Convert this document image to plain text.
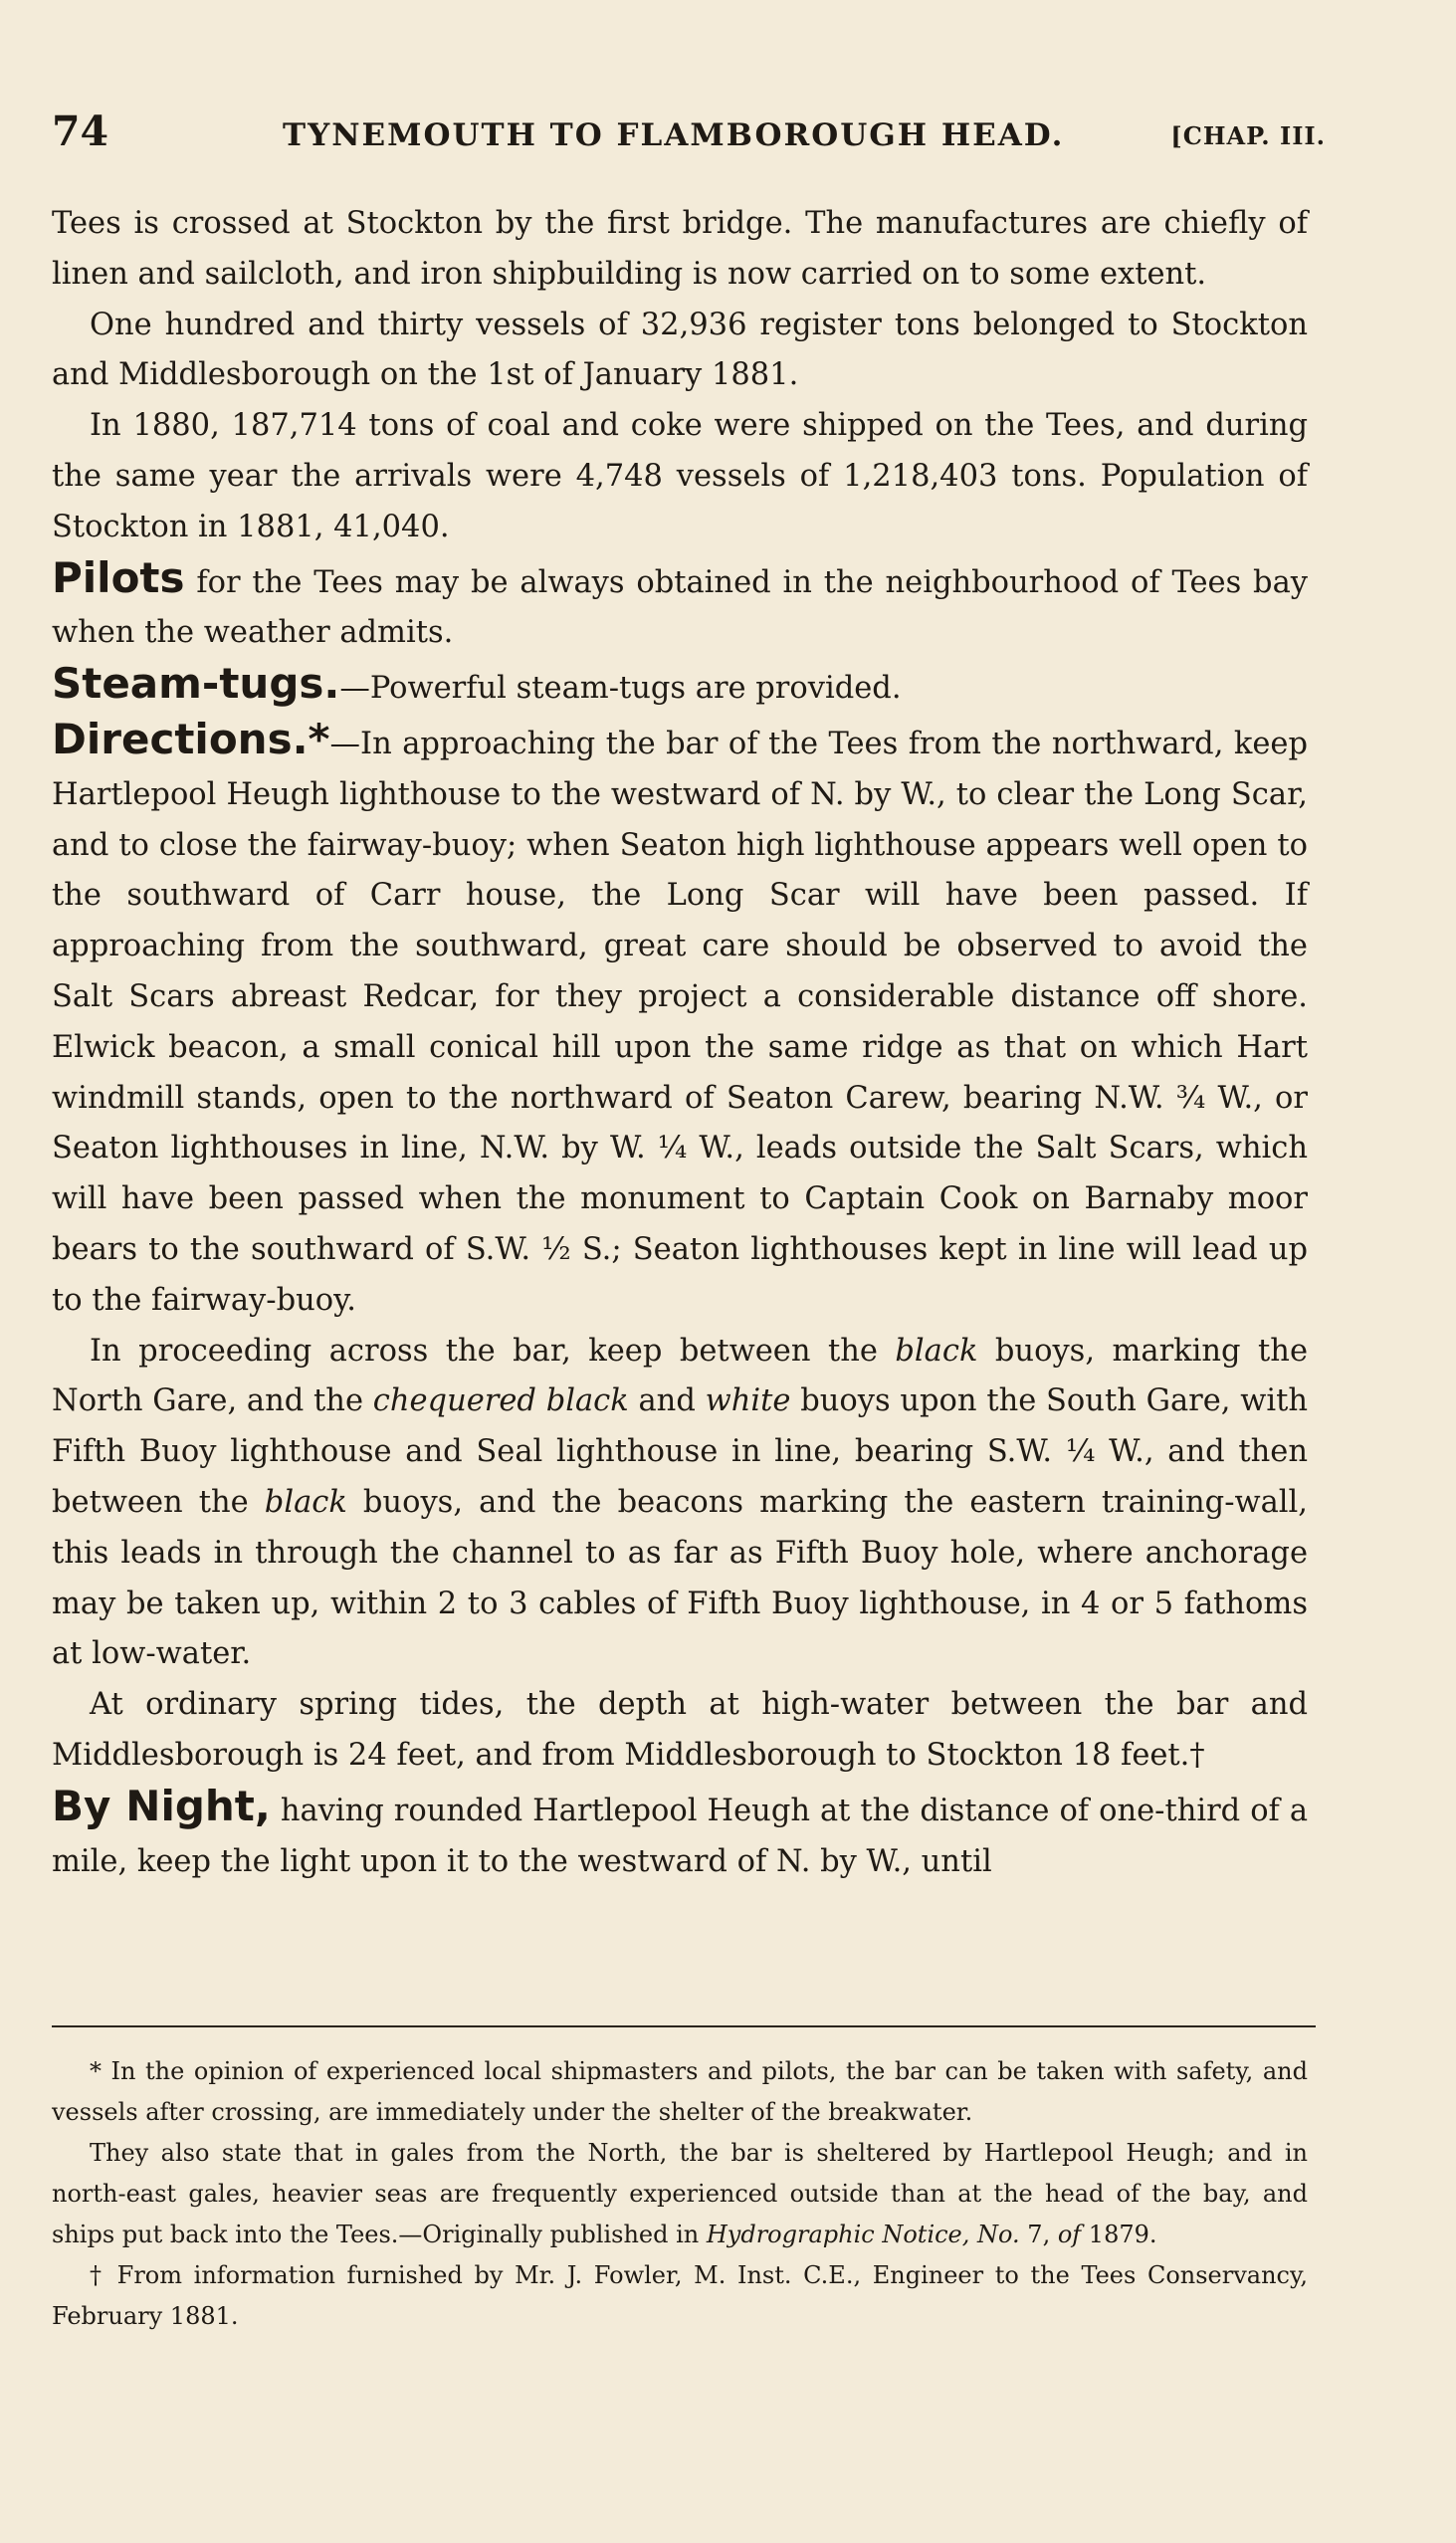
74	TYNEMOUTH TO FLAMBOROUGH HEAD.	[CHAP. III.

Tees is crossed at Stockton by the first bridge. The manufactures are chiefly of linen and sailcloth, and iron shipbuilding is now carried on to some extent.

One hundred and thirty vessels of 32,936 register tons belonged to Stockton and Middlesborough on the 1st of January 1881.

In 1880, 187,714 tons of coal and coke were shipped on the Tees, and during the same year the arrivals were 4,748 vessels of 1,218,403 tons. Population of Stockton in 1881, 41,040.

Pilots for the Tees may be always obtained in the neighbourhood of Tees bay when the weather admits.

Steam-tugs.—Powerful steam-tugs are provided.

Directions.*—In approaching the bar of the Tees from the northward, keep Hartlepool Heugh lighthouse to the westward of N. by W., to clear the Long Scar, and to close the fairway-buoy; when Seaton high lighthouse appears well open to the southward of Carr house, the Long Scar will have been passed. If approaching from the southward, great care should be observed to avoid the Salt Scars abreast Redcar, for they project a considerable distance off shore. Elwick beacon, a small conical hill upon the same ridge as that on which Hart windmill stands, open to the northward of Seaton Carew, bearing N.W. ¾ W., or Seaton lighthouses in line, N.W. by W. ¼ W., leads outside the Salt Scars, which will have been passed when the monument to Captain Cook on Barnaby moor bears to the southward of S.W. ½ S.; Seaton lighthouses kept in line will lead up to the fairway-buoy.

In proceeding across the bar, keep between the black buoys, marking the North Gare, and the chequered black and white buoys upon the South Gare, with Fifth Buoy lighthouse and Seal lighthouse in line, bearing S.W. ¼ W., and then between the black buoys, and the beacons marking the eastern training-wall, this leads in through the channel to as far as Fifth Buoy hole, where anchorage may be taken up, within 2 to 3 cables of Fifth Buoy lighthouse, in 4 or 5 fathoms at low-water.

At ordinary spring tides, the depth at high-water between the bar and Middlesborough is 24 feet, and from Middlesborough to Stockton 18 feet.†

By Night, having rounded Hartlepool Heugh at the distance of one-third of a mile, keep the light upon it to the westward of N. by W., until

* In the opinion of experienced local shipmasters and pilots, the bar can be taken with safety, and vessels after crossing, are immediately under the shelter of the breakwater.

They also state that in gales from the North, the bar is sheltered by Hartlepool Heugh; and in north-east gales, heavier seas are frequently experienced outside than at the head of the bay, and ships put back into the Tees.—Originally published in Hydrographic Notice, No. 7, of 1879.

† From information furnished by Mr. J. Fowler, M. Inst. C.E., Engineer to the Tees Conservancy, February 1881.
